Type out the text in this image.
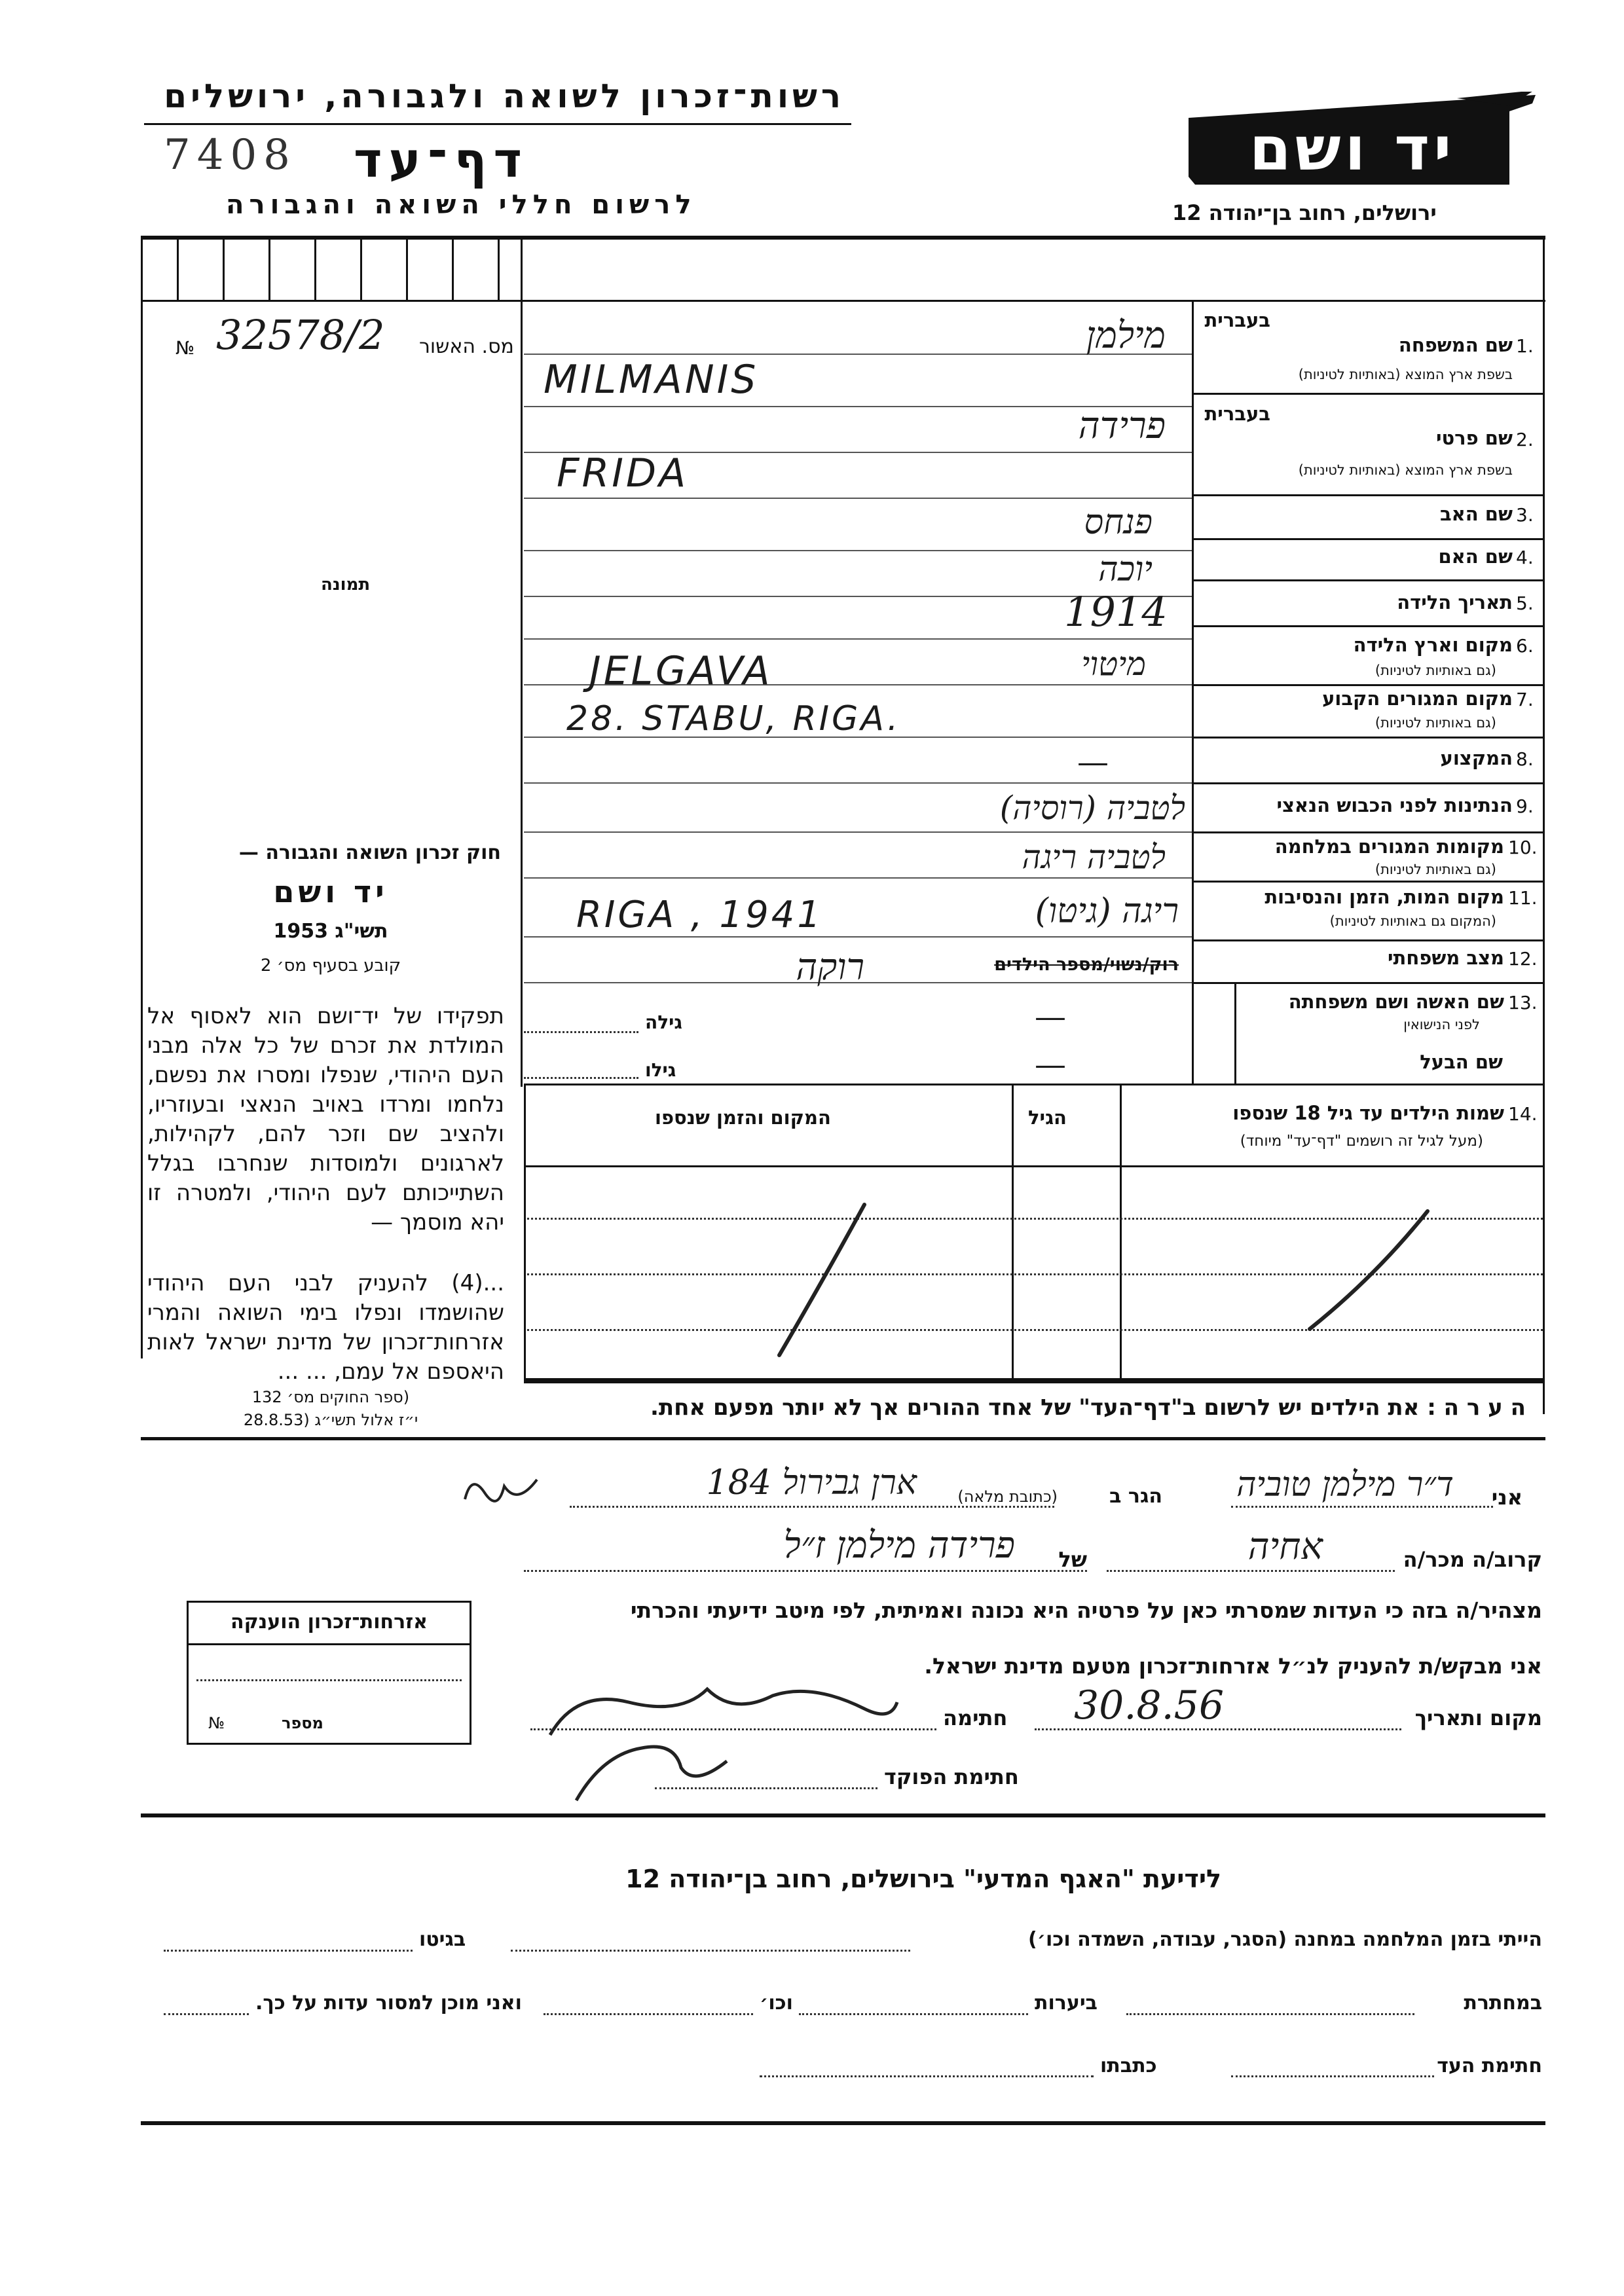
רשות־זכרון לשואה ולגבורה, ירושלים
7408 דף־עד
לרשום חללי השואה והגבורה
יד ושם
ירושלים, רחוב בן־יהודה 12
№ 32578/2 מס. האשור
תמונה
חוק זכרון השואה והגבורה —
יד ושם
תשי"ג 1953
קובע בסעיף מס׳ 2
תפקידו של יד־ושם הוא לאסוף אל המולדת את זכרם של כל אלה מבני העם היהודי, שנפלו ומסרו את נפשם, נלחמו ומרדו באויב הנאצי ובעוזריו, ולהציב שם וזכר להם, לקהילות, לארגונים ולמוסדות שנחרבו בגלל השתייכותם לעם היהודי, ולמטרה זו יהא מוסמך —
...(4) להעניק לבני העם היהודי שהושמדו ונפלו בימי השואה והמרי אזרחות־זכרון של מדינת ישראל לאות היאספם אל עמם, ... ...
(ספר החוקים מס׳ 132
י״ז אלול תשי״ג (28.8.53
בעברית
1.
שם המשפחה
בשפת ארץ המוצא (באותיות לטיניות)
בעברית
2.
שם פרטי
בשפת ארץ המוצא (באותיות לטיניות)
3.
שם האב
4.
שם האם
5.
תאריך הלידה
6.
מקום וארץ הלידה
(גם באותיות לטיניות)
7.
מקום המגורים הקבוע
(גם באותיות לטיניות)
8.
המקצוע
9.
הנתינות לפני הכבוש הנאצי
10.
מקומות המגורים במלחמה
(גם באותיות לטיניות)
11.
מקום המות, הזמן והנסיבות
(המקום גם באותיות לטיניות)
12.
מצב משפחתי
13.
שם האשה ושם משפחתה
לפני הנישואין
שם הבעל
מילמן
MILMANIS
פרידה
FRIDA
פנחס
יוכה
1914
מיטוי
JELGAVA
28. STABU, RIGA.
—
לטביה (רוסיה)
לטביה ריגה
ריגה (גיטו)
RIGA , 1941
רוק/נשוי/מספר הילדים
רוקה
—
—
גילה
גילו
14.
שמות הילדים עד גיל 18 שנספו
(מעל לגיל זה רושמים "דף־עד" מיוחד)
הגיל
המקום והזמן שנספו
ה ע ר ה : את הילדים יש לרשום ב"דף־העד" של אחד ההורים אך לא יותר מפעם אחת.
אני
ד״ר מילמן טוביה
הגר ב
(כתובת מלאה)
ארן גבירול 184
קרוב/ה מכר/ה
אחיה
של
פרידה מילמן ז״ל
מצהיר/ה בזה כי העדות שמסרתי כאן על פרטיה היא נכונה ואמיתית, לפי מיטב ידיעתי והכרתי
אני מבקש/ת להעניק לנ״ל אזרחות־זכרון מטעם מדינת ישראל.
מקום ותאריך
30.8.56
חתימה
חתימת הפוקד
אזרחות־זכרון הוענקה
מספר
№
לידיעת "האגף המדעי" בירושלים, רחוב בן־יהודה 12
הייתי בזמן המלחמה במחנה (הסגר, עבודה, השמדה וכו׳)
בגיטו
במחתרת
ביערות
וכו׳
ואני מוכן למסור עדות על כך.
חתימת העד
כתבתו
